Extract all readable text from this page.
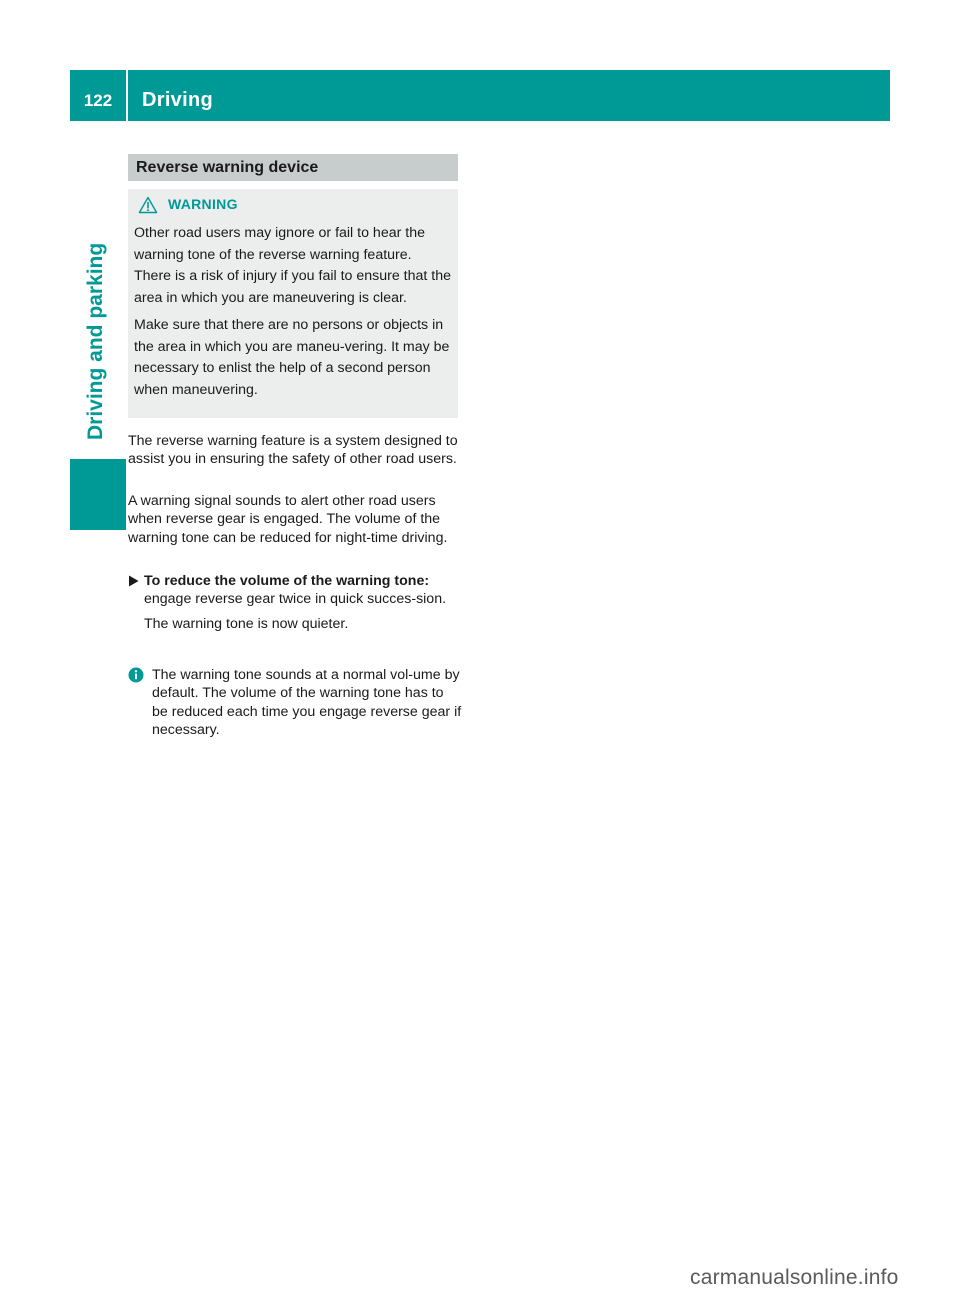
122	Driving
Driving and parking
Reverse warning device
WARNING

Other road users may ignore or fail to hear the warning tone of the reverse warning feature. There is a risk of injury if you fail to ensure that the area in which you are maneuvering is clear.

Make sure that there are no persons or objects in the area in which you are maneu-vering. It may be necessary to enlist the help of a second person when maneuvering.

The reverse warning feature is a system designed to assist you in ensuring the safety of other road users.
A warning signal sounds to alert other road users when reverse gear is engaged. The volume of the warning tone can be reduced for night-time driving.
To reduce the volume of the warning tone:
engage reverse gear twice in quick succes-sion.
The warning tone is now quieter.
The warning tone sounds at a normal vol-ume by default. The volume of the warning tone has to be reduced each time you engage reverse gear if necessary.
carmanualsonline.info
